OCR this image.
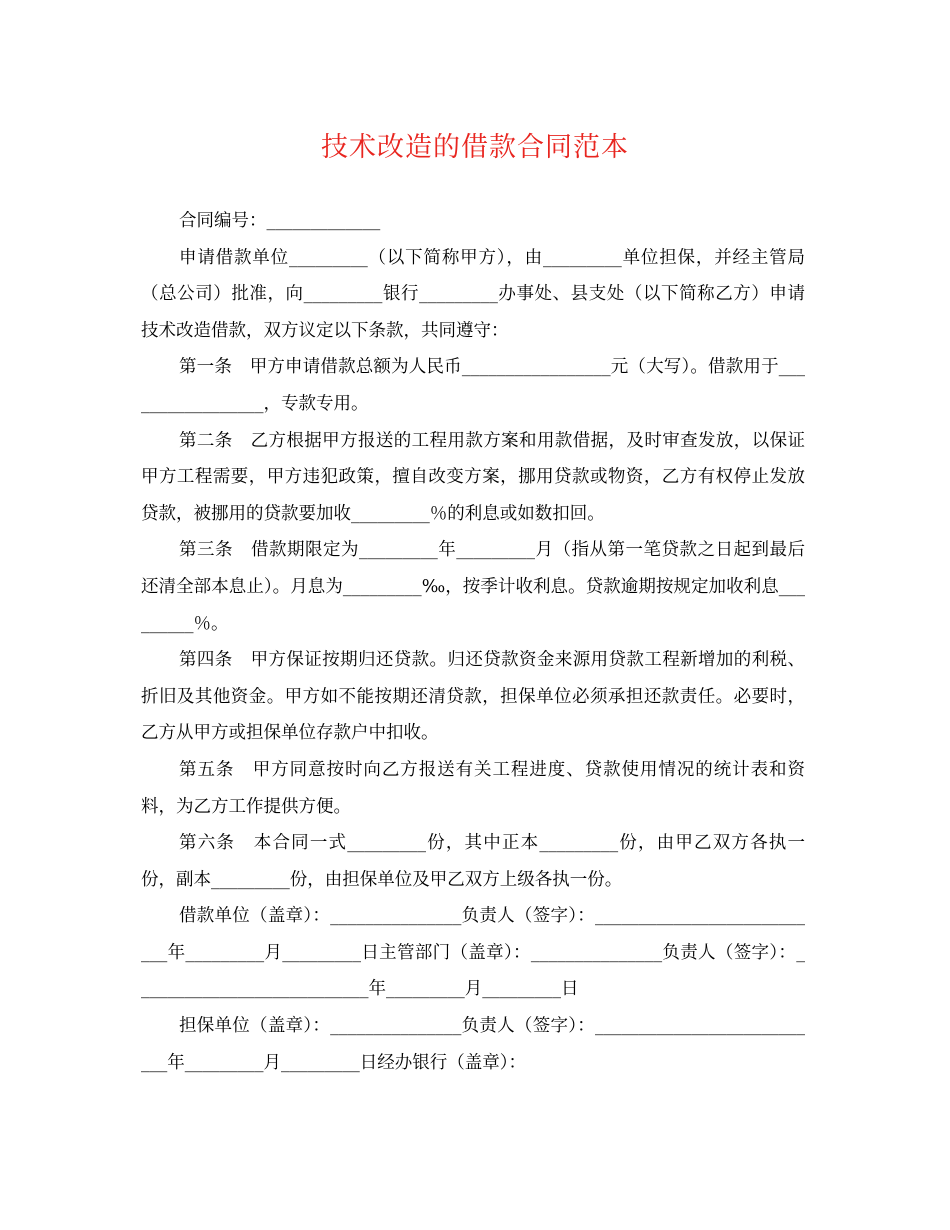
技术改造的借款合同范本

合同编号：_____________

申请借款单位_________（以下简称甲方），由_________单位担保，并经主管局（总公司）批准，向_________银行_________办事处、县支处（以下简称乙方）申请技术改造借款，双方议定以下条款，共同遵守：

第一条　甲方申请借款总额为人民币_________________元（大写）。借款用于_________________，专款专用。

第二条　乙方根据甲方报送的工程用款方案和用款借据，及时审查发放，以保证甲方工程需要，甲方违犯政策，擅自改变方案，挪用贷款或物资，乙方有权停止发放贷款，被挪用的贷款要加收_________％的利息或如数扣回。

第三条　借款期限定为_________年_________月（指从第一笔贷款之日起到最后还清全部本息止）。月息为_________‰，按季计收利息。贷款逾期按规定加收利息_________％。

第四条　甲方保证按期归还贷款。归还贷款资金来源用贷款工程新增加的利税、折旧及其他资金。甲方如不能按期还清贷款，担保单位必须承担还款责任。必要时，乙方从甲方或担保单位存款户中扣收。

第五条　甲方同意按时向乙方报送有关工程进度、贷款使用情况的统计表和资料，为乙方工作提供方便。

第六条　本合同一式_________份，其中正本_________份，由甲乙双方各执一份，副本_________份，由担保单位及甲乙双方上级各执一份。

借款单位（盖章）：_______________负责人（签字）：___________________________年_________月_________日主管部门（盖章）：_______________负责人（签字）：___________________________年_________月_________日

担保单位（盖章）：_______________负责人（签字）：___________________________年_________月_________日经办银行（盖章）：
